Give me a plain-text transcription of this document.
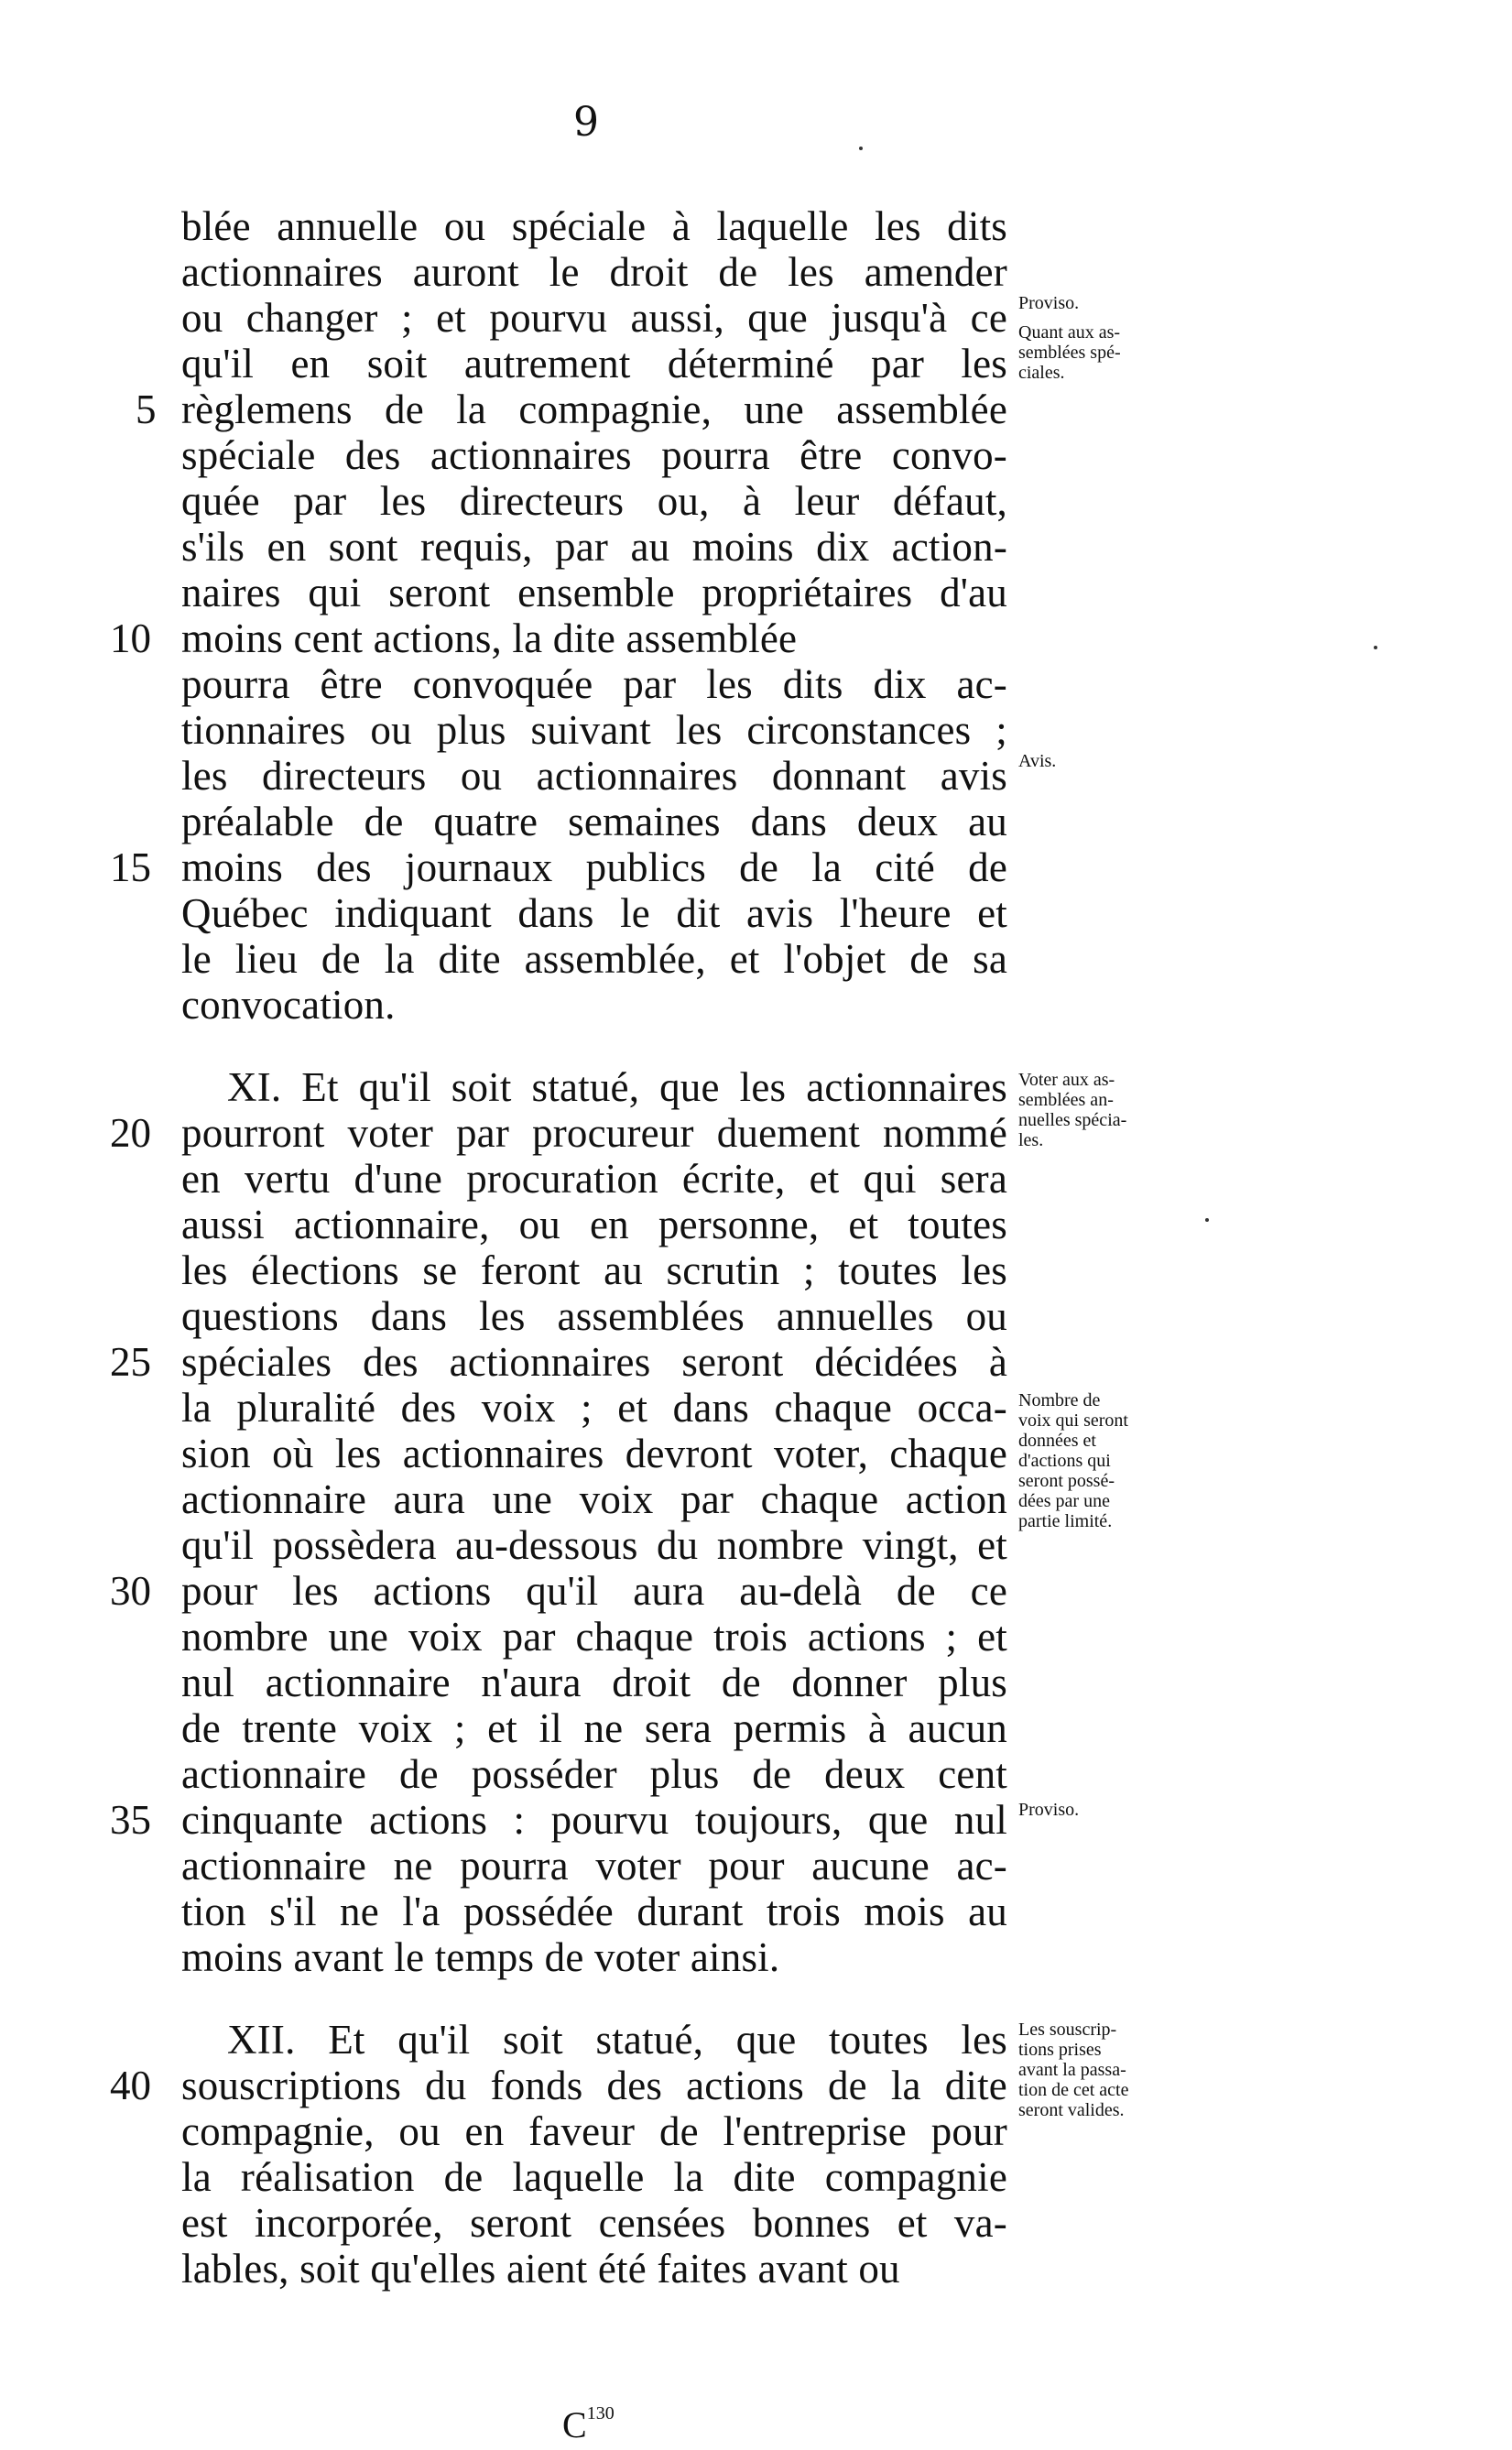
9
blée annuelle ou spéciale à laquelle les dits
actionnaires auront le droit de les amender
ou changer ; et pourvu aussi, que jusqu'à ce
qu'il en soit autrement déterminé par les
règlemens de la compagnie, une assemblée
spéciale des actionnaires pourra être convo-
quée par les directeurs ou, à leur défaut,
s'ils en sont requis, par au moins dix action-
naires qui seront ensemble propriétaires d'au
moins cent actions, la dite assemblée
pourra être convoquée par les dits dix ac-
tionnaires ou plus suivant les circonstances ;
les directeurs ou actionnaires donnant avis
préalable de quatre semaines dans deux au
moins des journaux publics de la cité de
Québec indiquant dans le dit avis l'heure et
le lieu de la dite assemblée, et l'objet de sa
convocation.
XI. Et qu'il soit statué, que les actionnaires
pourront voter par procureur duement nommé
en vertu d'une procuration écrite, et qui sera
aussi actionnaire, ou en personne, et toutes
les élections se feront au scrutin ; toutes les
questions dans les assemblées annuelles ou
spéciales des actionnaires seront décidées à
la pluralité des voix ; et dans chaque occa-
sion où les actionnaires devront voter, chaque
actionnaire aura une voix par chaque action
qu'il possèdera au-dessous du nombre vingt, et
pour les actions qu'il aura au-delà de ce
nombre une voix par chaque trois actions ; et
nul actionnaire n'aura droit de donner plus
de trente voix ; et il ne sera permis à aucun
actionnaire de posséder plus de deux cent
cinquante actions : pourvu toujours, que nul
actionnaire ne pourra voter pour aucune ac-
tion s'il ne l'a possédée durant trois mois au
moins avant le temps de voter ainsi.
XII. Et qu'il soit statué, que toutes les
souscriptions du fonds des actions de la dite
compagnie, ou en faveur de l'entreprise pour
la réalisation de laquelle la dite compagnie
est incorporée, seront censées bonnes et va-
lables, soit qu'elles aient été faites avant ou
5
10
15
20
25
30
35
40
Proviso.
Quant aux as-
semblées spé-
ciales.
Avis.
Voter aux as-
semblées an-
nuelles spécia-
les.
Nombre de
voix qui seront
données et
d'actions qui
seront possé-
dées par une
partie limité.
Proviso.
Les souscrip-
tions prises
avant la passa-
tion de cet acte
seront valides.
$C^{130}$
